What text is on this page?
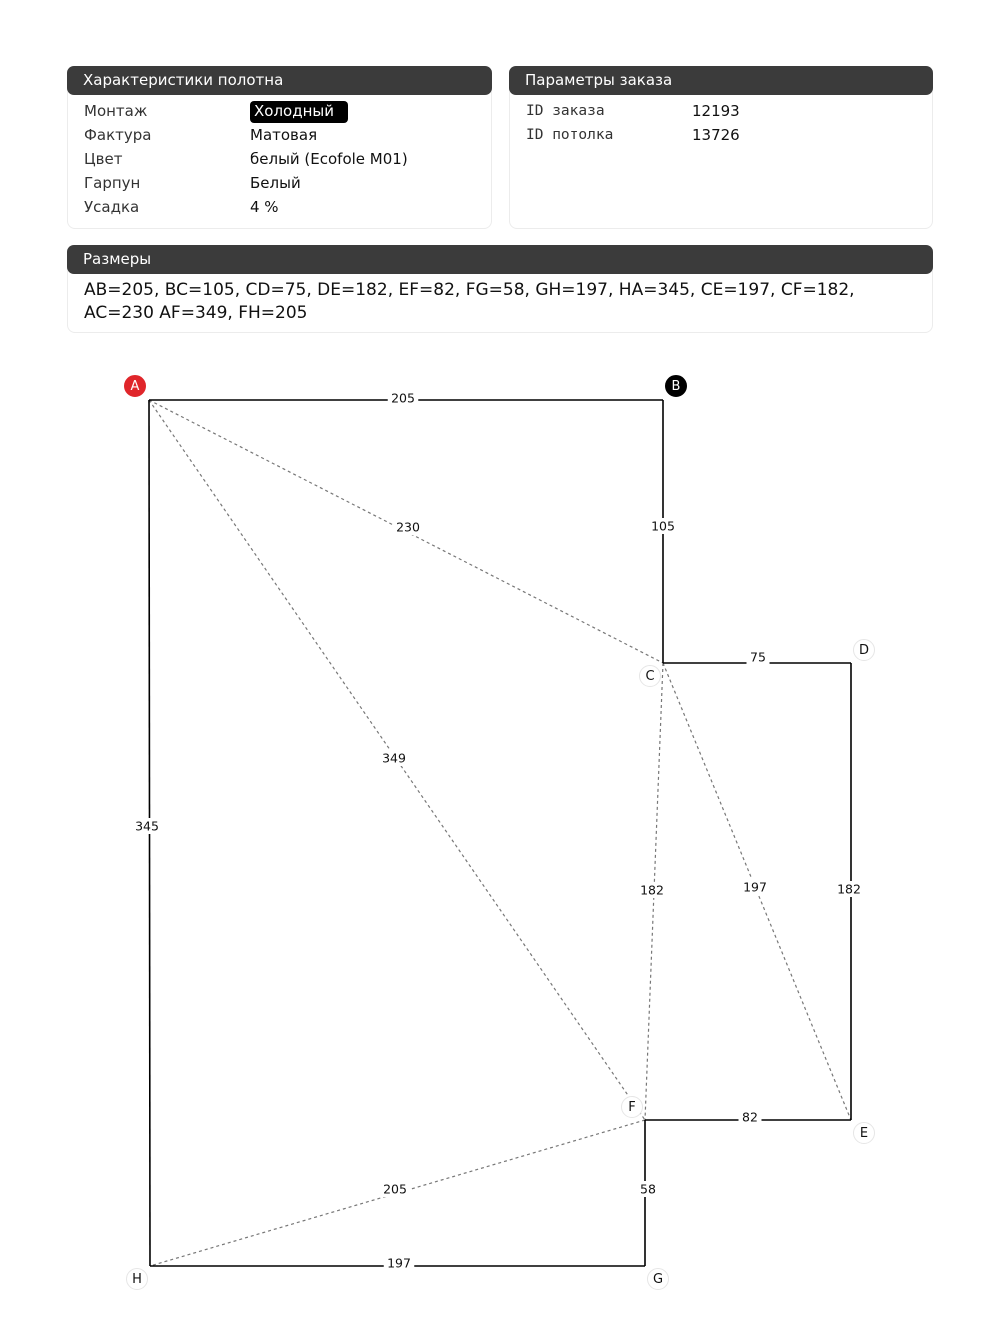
Характеристики полотна
Монтаж	Холодный
Фактура	Матовая
Цвет	белый (Ecofole M01)
Гарпун	Белый
Усадка	4 %
Параметры заказа
ID заказа	12193
ID потолка	13726
Размеры
AB=205, BC=105, CD=75, DE=182, EF=82, FG=58, GH=197, HA=345, CE=197, CF=182, AC=230 AF=349, FH=205
230
349
182	197
205
205
105
75
182
82
58
197
345
A	B
C
D
E
F
G
H
